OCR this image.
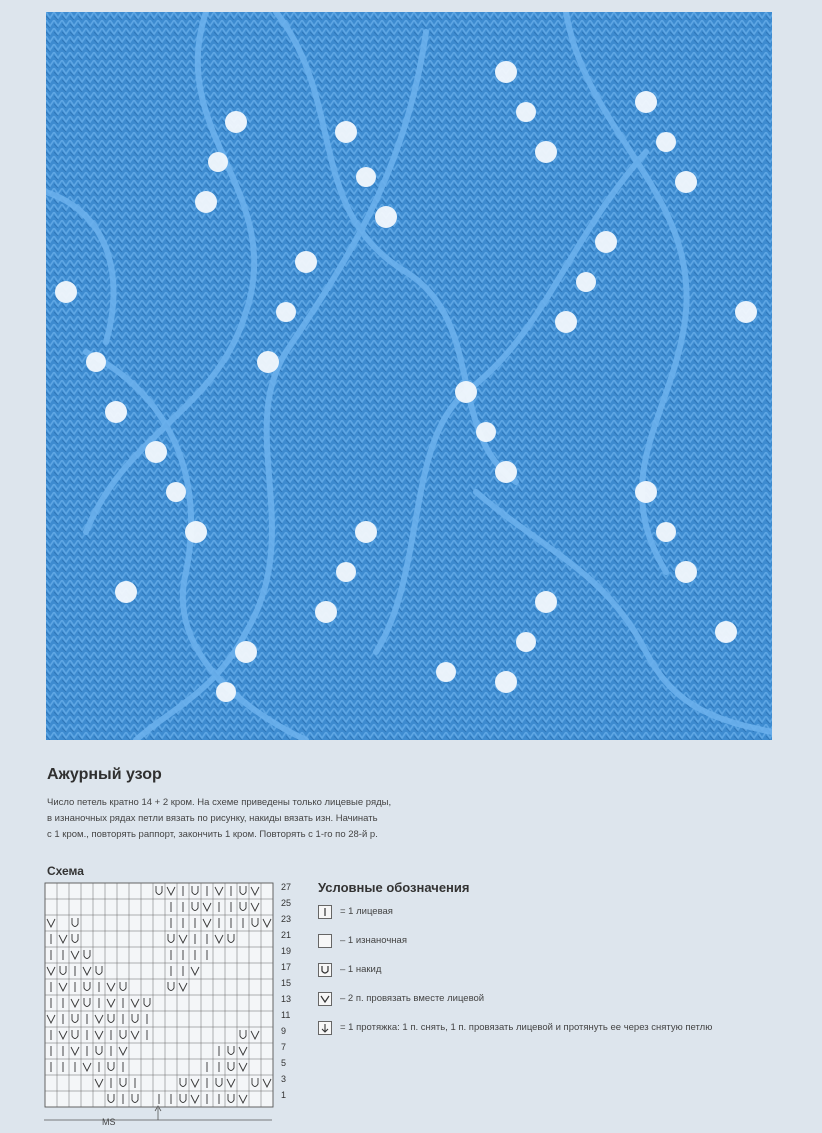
Ажурный узор
Число петель кратно 14 + 2 кром. На схеме приведены только лицевые ряды,
в изнаночных рядах петли вязать по рисунку, накиды вязать изн. Начинать
с 1 кром., повторять раппорт, закончить 1 кром. Повторять с 1-го по 28-й р.
Схема
27
25
23
21
19
17
15
13
11
9
7
5
3
1
MS
Условные обозначения
= 1 лицевая
– 1 изнаночная
– 1 накид
– 2 п. провязать вместе лицевой
= 1 протяжка: 1 п. снять, 1 п. провязать лицевой и протянуть ее через снятую петлю
